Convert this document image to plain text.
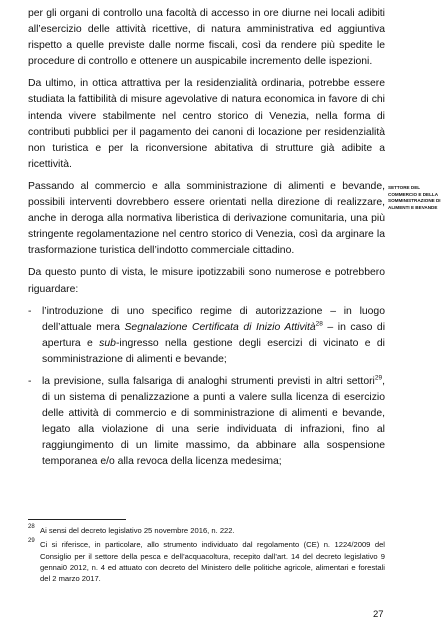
per gli organi di controllo una facoltà di accesso in ore diurne nei locali adibiti all’esercizio delle attività ricettive, di natura amministrativa ed aggiuntiva rispetto a quelle previste dalle norme fiscali, così da rendere più spedite le procedure di controllo e ottenere un auspicabile incremento delle ispezioni.

Da ultimo, in ottica attrattiva per la residenzialità ordinaria, potrebbe essere studiata la fattibilità di misure agevolative di natura economica in favore di chi intenda vivere stabilmente nel centro storico di Venezia, nella forma di contributi pubblici per il pagamento dei canoni di locazione per residenzialità non turistica e per la riconversione abitativa di strutture già adibite a ricettività.

Passando al commercio e alla somministrazione di alimenti e bevande, possibili interventi dovrebbero essere orientati nella direzione di realizzare, anche in deroga alla normativa liberistica di derivazione comunitaria, una più stringente regolamentazione nel centro storico di Venezia, così da arginare la trasformazione turistica dell’indotto commerciale cittadino.

Da questo punto di vista, le misure ipotizzabili sono numerose e potrebbero riguardare:

- l’introduzione di uno specifico regime di autorizzazione – in luogo dell’attuale mera Segnalazione Certificata di Inizio Attività$^{28}$ – in caso di apertura e sub-ingresso nella gestione degli esercizi di vicinato e di somministrazione di alimenti e bevande;
- la previsione, sulla falsariga di analoghi strumenti previsti in altri settori$^{29}$, di un sistema di penalizzazione a punti a valere sulla licenza di esercizio delle attività di commercio e di somministrazione di alimenti e bevande, legato alla violazione di una serie individuata di infrazioni, fino al raggiungimento di un limite massimo, da abbinare alla sospensione temporanea e/o alla revoca della licenza medesima;
SETTORE DEL COMMERCIO E DELLA SOMMINISTRAZIONE DI ALIMENTI E BEVANDE
28 Ai sensi del decreto legislativo 25 novembre 2016, n. 222.
29 Ci si riferisce, in particolare, allo strumento individuato dal regolamento (CE) n. 1224/2009 del Consiglio per il settore della pesca e dell’acquacoltura, recepito dall’art. 14 del decreto legislativo 9 gennai0 2012, n. 4 ed attuato con decreto del Ministero delle politiche agricole, alimentari e forestali del 2 marzo 2017.
27
